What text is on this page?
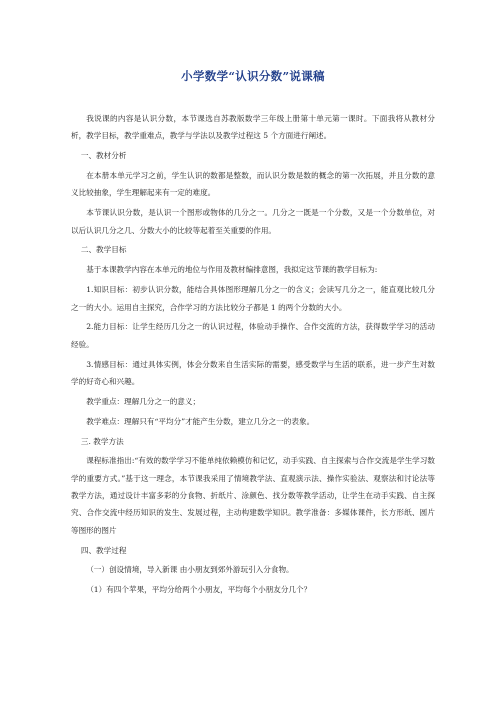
小学数学“认识分数”说课稿

我说课的内容是认识分数，本节课选自苏教版数学三年级上册第十单元第一课时。下面我将从教材分析，教学目标，教学重难点，教学与学法以及教学过程这 5 个方面进行阐述。

一、教材分析

在本册本单元学习之前，学生认识的数都是整数，而认识分数是数的概念的第一次拓展，并且分数的意义比较抽象，学生理解起来有一定的难度。

本节课认识分数，是认识一个图形或物体的几分之一。几分之一既是一个分数，又是一个分数单位，对以后认识几分之几、分数大小的比较等起着至关重要的作用。

二、教学目标

基于本课教学内容在本单元的地位与作用及教材编排意图，我拟定这节课的教学目标为:

1.知识目标：初步认识分数，能结合具体图形理解几分之一的含义；会读写几分之一，能直观比较几分之一的大小。运用自主探究，合作学习的方法比较分子都是 1 的两个分数的大小。

2.能力目标：让学生经历几分之一的认识过程，体验动手操作、合作交流的方法，获得数学学习的活动经验。

3.情感目标：通过具体实例，体会分数来自生活实际的需要，感受数学与生活的联系，进一步产生对数学的好奇心和兴趣。

教学重点：理解几分之一的意义；

教学难点：理解只有“平均分”才能产生分数，建立几分之一的表象。

三. 教学方法

课程标准指出:“有效的数学学习不能单纯依赖模仿和记忆，动手实践、自主探索与合作交流是学生学习数学的重要方式。”基于这一理念，本节课我采用了情境教学法、直观演示法、操作实验法、观察法和讨论法等教学方法，通过设计丰富多彩的分食物、折纸片、涂颜色、找分数等教学活动，让学生在动手实践、自主探究、合作交流中经历知识的发生、发展过程，主动构建数学知识。教学准备：多媒体课件，长方形纸、圆片等图形的图片

四、教学过程

（一）创设情境，导入新课 由小朋友到郊外游玩引入分食物。

（1）有四个苹果，平均分给两个小朋友，平均每个小朋友分几个？
